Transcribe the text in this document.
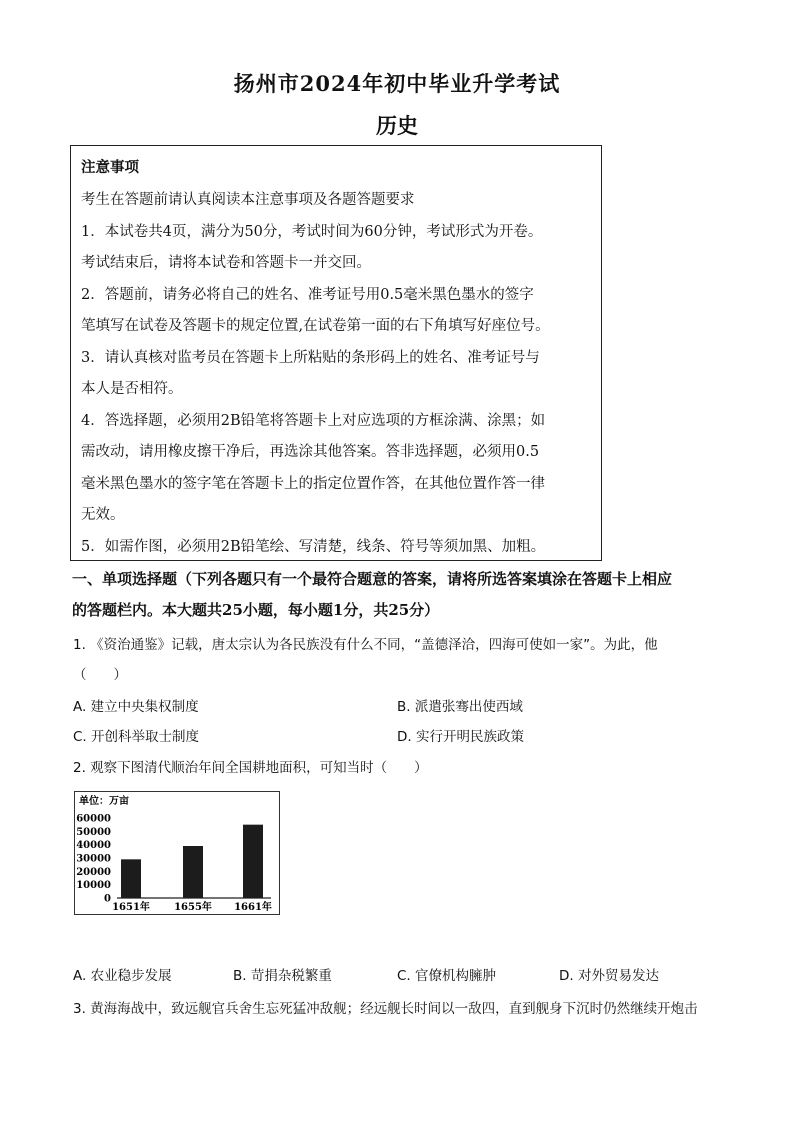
扬州市2024年初中毕业升学考试
历史
注意事项
考生在答题前请认真阅读本注意事项及各题答题要求
1．本试卷共4页，满分为50分，考试时间为60分钟，考试形式为开卷。
考试结束后，请将本试卷和答题卡一并交回。
2．答题前，请务必将自己的姓名、准考证号用0.5毫米黑色墨水的签字
笔填写在试卷及答题卡的规定位置,在试卷第一面的右下角填写好座位号。
3．请认真核对监考员在答题卡上所粘贴的条形码上的姓名、准考证号与
本人是否相符。
4．答选择题，必须用2B铅笔将答题卡上对应选项的方框涂满、涂黑；如
需改动，请用橡皮擦干净后，再选涂其他答案。答非选择题，必须用0.5
毫米黑色墨水的签字笔在答题卡上的指定位置作答，在其他位置作答一律
无效。
5．如需作图，必须用2B铅笔绘、写清楚，线条、符号等须加黑、加粗。
一、单项选择题（下列各题只有一个最符合题意的答案，请将所选答案填涂在答题卡上相应
的答题栏内。本大题共25小题，每小题1分，共25分）
1. 《资治通鉴》记载，唐太宗认为各民族没有什么不同，“盖德泽洽，四海可使如一家”。为此，他
（　　）
A. 建立中央集权制度	B. 派遣张骞出使西域
C. 开创科举取士制度	D. 实行开明民族政策
2. 观察下图清代顺治年间全国耕地面积，可知当时（　　）
单位：万亩
60000
50000
40000
30000
20000
10000
0
1651年 1655年 1661年
A. 农业稳步发展	B. 苛捐杂税繁重	C. 官僚机构臃肿	D. 对外贸易发达
3. 黄海海战中，致远舰官兵舍生忘死猛冲敌舰；经远舰长时间以一敌四，直到舰身下沉时仍然继续开炮击
